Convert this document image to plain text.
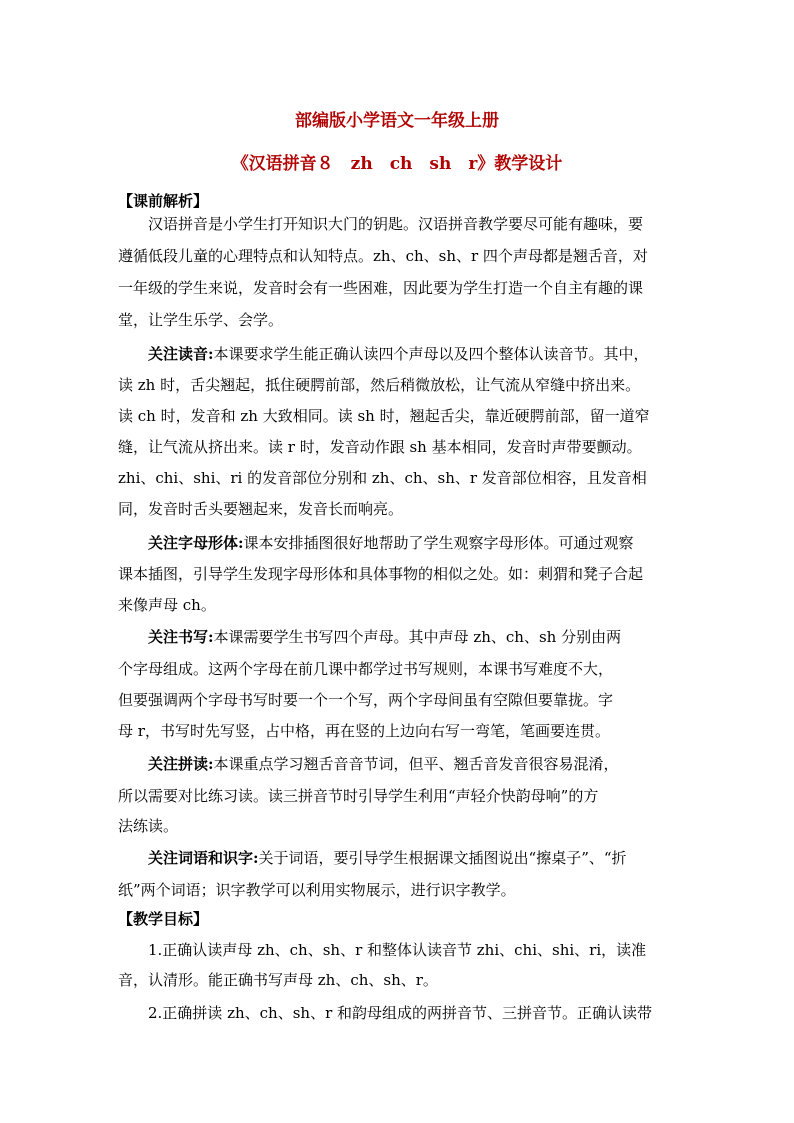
部编版小学语文一年级上册
《汉语拼音８　zh　ch　sh　r》教学设计
【课前解析】
汉语拼音是小学生打开知识大门的钥匙。汉语拼音教学要尽可能有趣味，要
遵循低段儿童的心理特点和认知特点。zh、ch、sh、r 四个声母都是翘舌音，对
一年级的学生来说，发音时会有一些困难，因此要为学生打造一个自主有趣的课
堂，让学生乐学、会学。
关注读音:本课要求学生能正确认读四个声母以及四个整体认读音节。其中，
读 zh 时，舌尖翘起，抵住硬腭前部，然后稍微放松，让气流从窄缝中挤出来。
读 ch 时，发音和 zh 大致相同。读 sh 时，翘起舌尖，靠近硬腭前部，留一道窄
缝，让气流从挤出来。读 r 时，发音动作跟 sh 基本相同，发音时声带要颤动。
zhi、chi、shi、ri 的发音部位分别和 zh、ch、sh、r 发音部位相容，且发音相
同，发音时舌头要翘起来，发音长而响亮。
关注字母形体:课本安排插图很好地帮助了学生观察字母形体。可通过观察
课本插图，引导学生发现字母形体和具体事物的相似之处。如：刺猬和凳子合起
来像声母 ch。
关注书写:本课需要学生书写四个声母。其中声母 zh、ch、sh 分别由两
个字母组成。这两个字母在前几课中都学过书写规则，本课书写难度不大，
但要强调两个字母书写时要一个一个写，两个字母间虽有空隙但要靠拢。字
母 r，书写时先写竖，占中格，再在竖的上边向右写一弯笔，笔画要连贯。
关注拼读:本课重点学习翘舌音音节词，但平、翘舌音发音很容易混淆，
所以需要对比练习读。读三拼音节时引导学生利用“声轻介快韵母响”的方
法练读。
关注词语和识字:关于词语，要引导学生根据课文插图说出“擦桌子”、“折
纸”两个词语；识字教学可以利用实物展示，进行识字教学。
【教学目标】
1.正确认读声母 zh、ch、sh、r 和整体认读音节 zhi、chi、shi、ri，读准
音，认清形。能正确书写声母 zh、ch、sh、r。
2.正确拼读 zh、ch、sh、r 和韵母组成的两拼音节、三拼音节。正确认读带
